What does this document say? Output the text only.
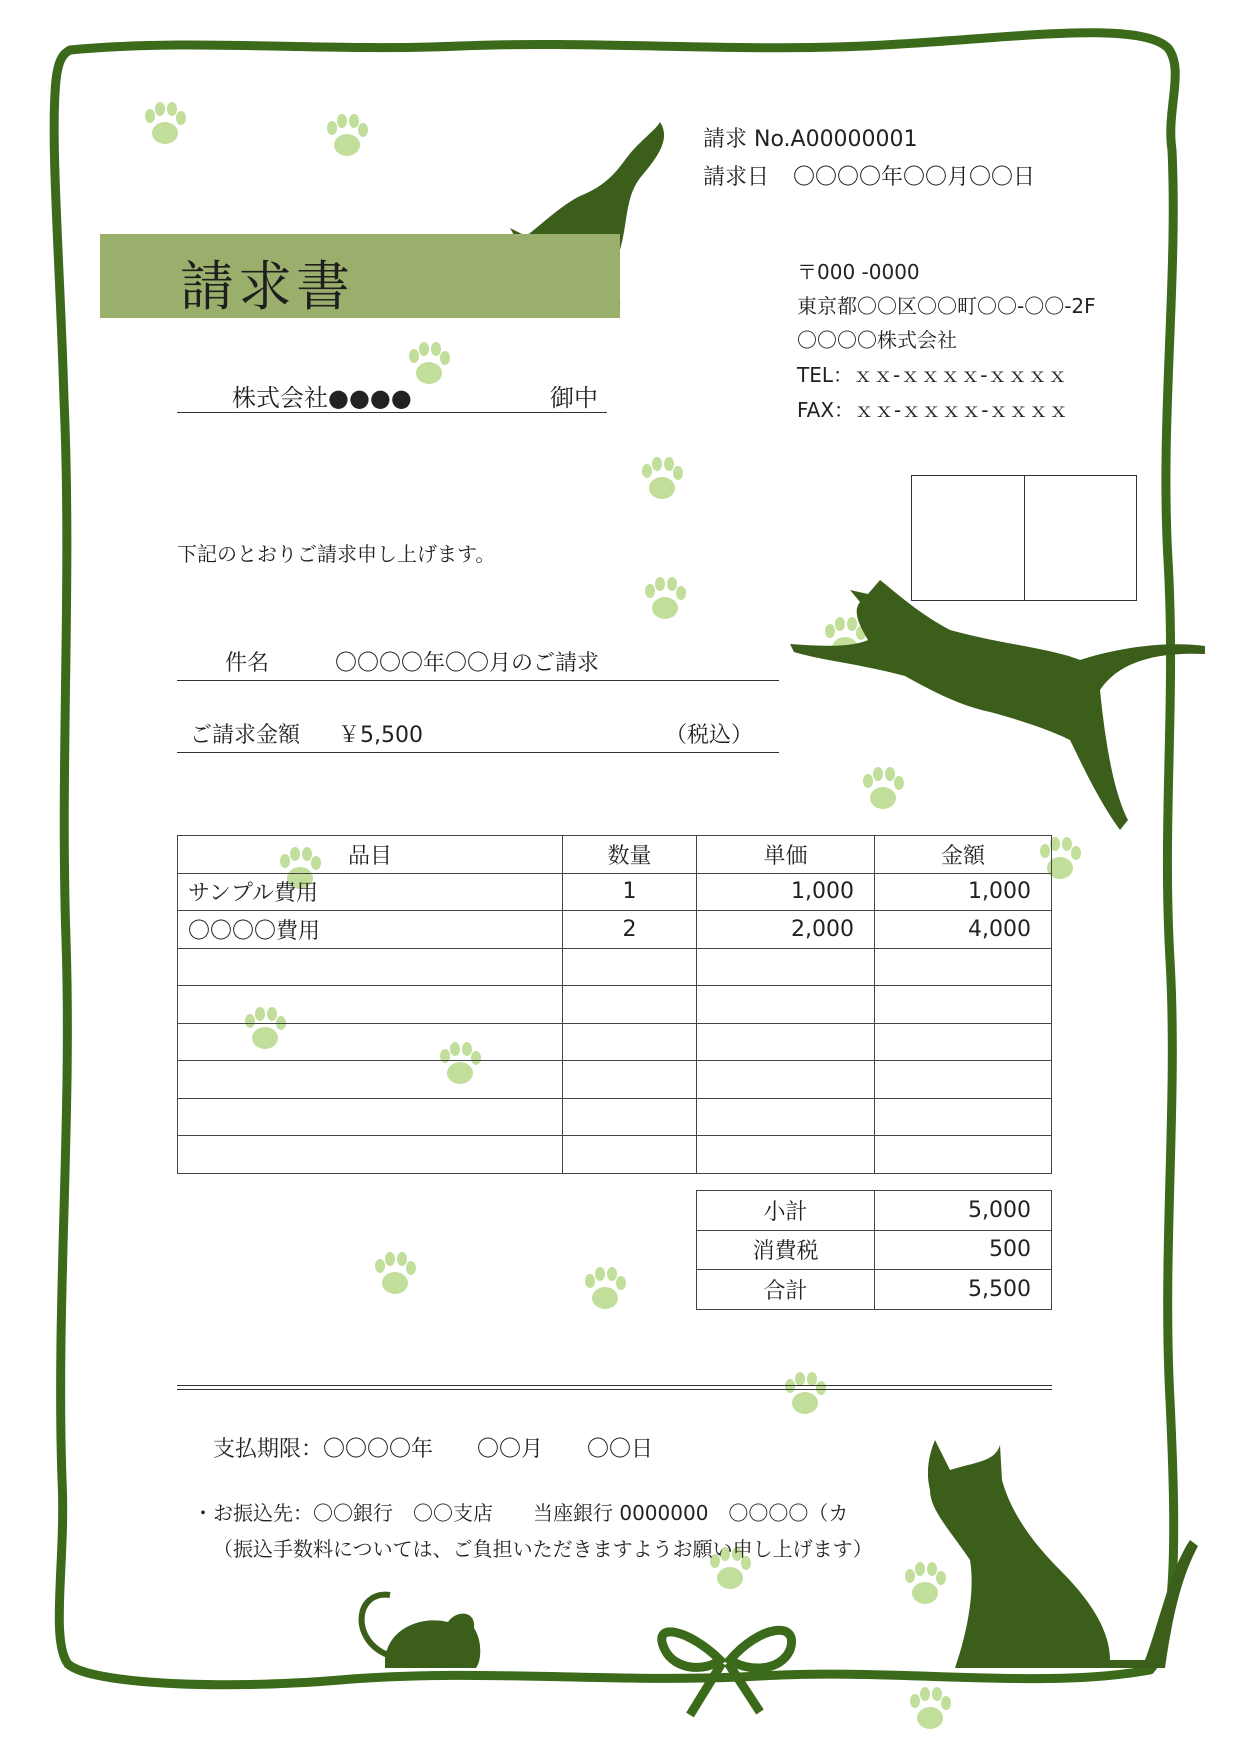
請求 No.A00000001
請求日 〇〇〇〇年〇〇月〇〇日
請求書	〒000 -0000
東京都〇〇区〇〇町〇〇-〇〇-2F
〇〇〇〇株式会社
TEL：ｘｘ-ｘｘｘｘ-ｘｘｘｘ
FAX：ｘｘ-ｘｘｘｘ-ｘｘｘｘ
株式会社●●●●	御中
下記のとおりご請求申し上げます。
件名	〇〇〇〇年〇〇月のご請求
ご請求金額 ￥5,500	（税込）
品目	数量	単価	金額
サンプル費用	1	1,000	1,000
〇〇〇〇費用	2	2,000	4,000

小計	5,000
消費税	500
合計	5,500
支払期限：〇〇〇〇年　　〇〇月　　〇〇日
・お振込先：〇〇銀行　〇〇支店　　当座銀行 0000000　〇〇〇〇（カ
（振込手数料については、ご負担いただきますようお願い申し上げます）
